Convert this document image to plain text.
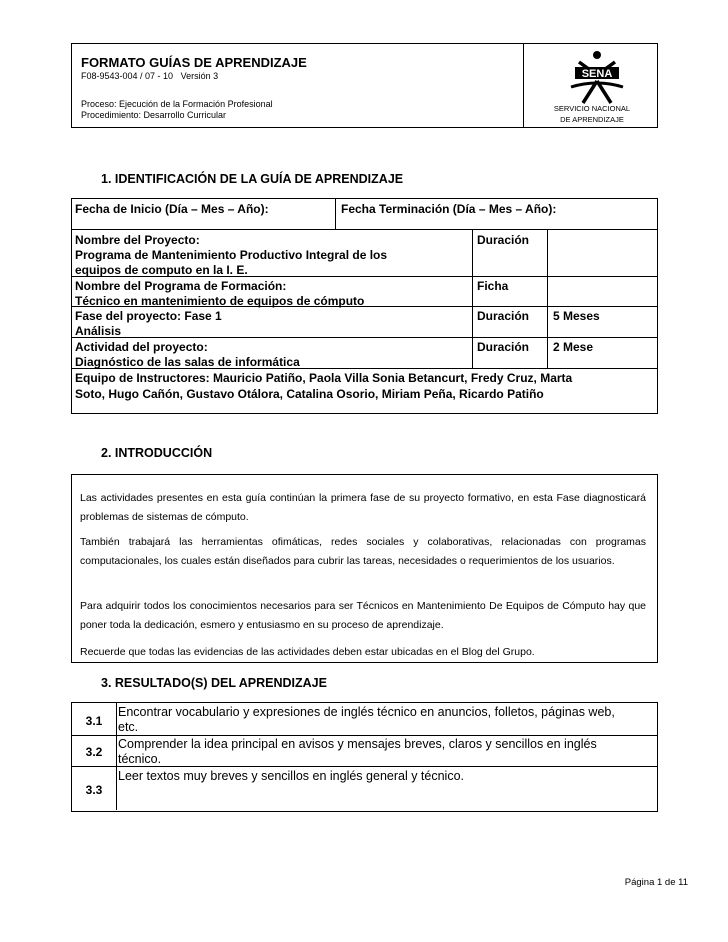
FORMATO GUÍAS DE APRENDIZAJE
F08-9543-004 / 07 - 10   Versión 3
Proceso: Ejecución de la Formación Profesional
Procedimiento: Desarrollo Curricular
SENA
SERVICIO NACIONAL
DE APRENDIZAJE
1. IDENTIFICACIÓN DE LA GUÍA DE APRENDIZAJE
Fecha de Inicio (Día – Mes – Año):	Fecha Terminación (Día – Mes – Año):
Nombre del Proyecto:
Programa de Mantenimiento Productivo Integral de los
equipos de computo en la I. E.
Duración
Nombre del Programa de Formación:
Técnico en mantenimiento de equipos de cómputo
Ficha
Fase del proyecto: Fase 1
Análisis
Duración 5 Meses
Actividad del proyecto:
Diagnóstico de las salas de informática
Duración 2 Mese
Equipo de Instructores: Mauricio Patiño, Paola Villa Sonia Betancurt, Fredy Cruz, Marta
Soto, Hugo Cañón, Gustavo Otálora, Catalina Osorio, Miriam Peña, Ricardo Patiño
2. INTRODUCCIÓN

Las actividades presentes en esta guía continúan la primera fase de su proyecto formativo, en esta Fase diagnosticará problemas de sistemas de cómputo.

También trabajará las herramientas ofimáticas, redes sociales y colaborativas, relacionadas con programas computacionales, los cuales están diseñados para cubrir las tareas, necesidades o requerimientos de los usuarios.

Para adquirir todos los conocimientos necesarios para ser Técnicos en Mantenimiento De Equipos de Cómputo hay que poner toda la dedicación, esmero y entusiasmo en su proceso de aprendizaje.

Recuerde que todas las evidencias de las actividades deben estar ubicadas en el Blog del Grupo.

3. RESULTADO(S) DEL APRENDIZAJE
3.1
Encontrar vocabulario y expresiones de inglés técnico en anuncios, folletos, páginas web,
etc.
3.2
Comprender la idea principal en avisos y mensajes breves, claros y sencillos en inglés
técnico.
3.3
Leer textos muy breves y sencillos en inglés general y técnico.
Página 1 de 11
